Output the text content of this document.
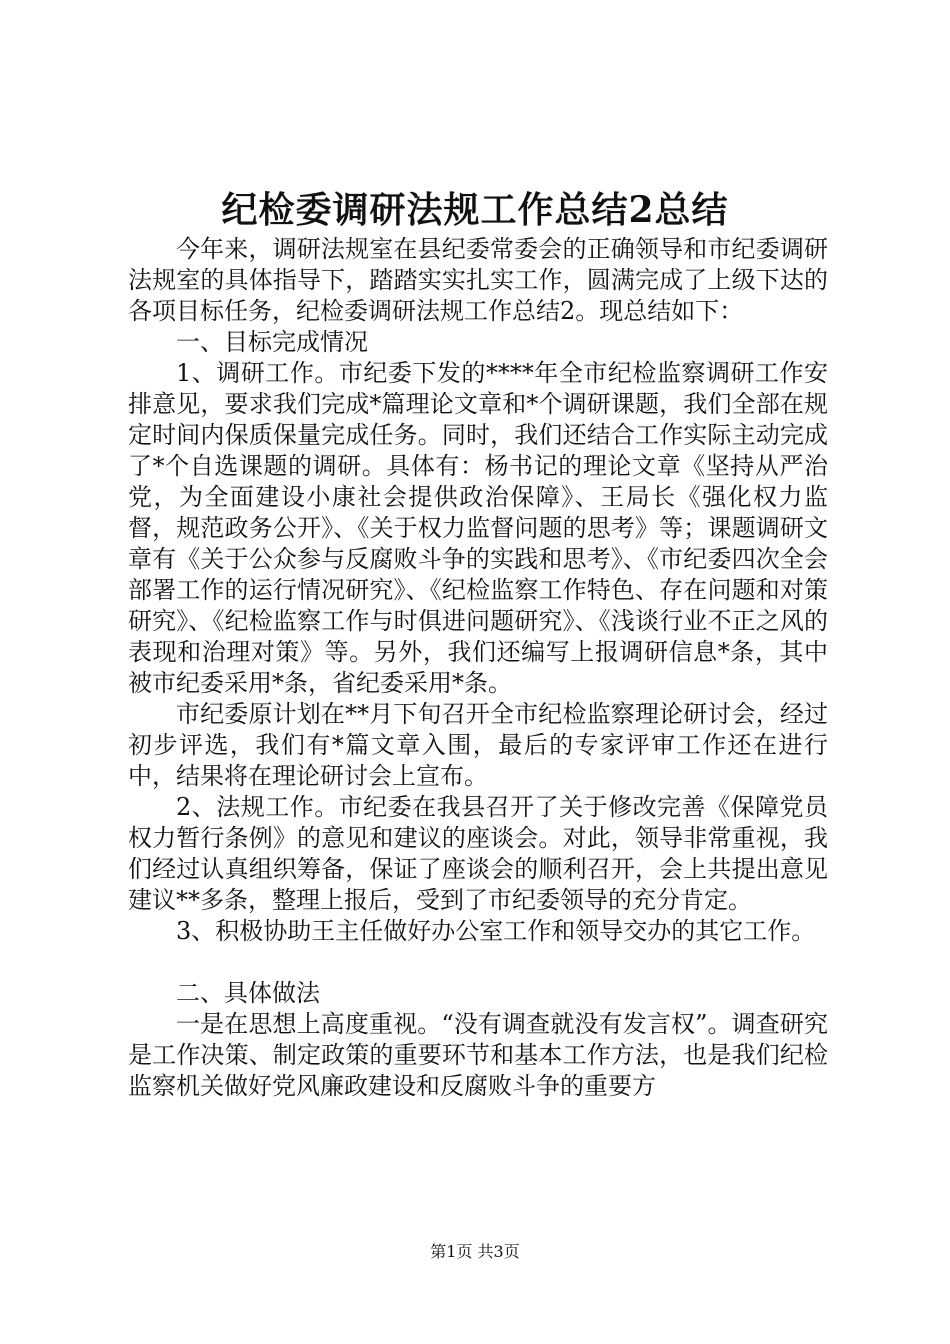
纪检委调研法规工作总结2总结

今年来，调研法规室在县纪委常委会的正确领导和市纪委调研法规室的具体指导下，踏踏实实扎实工作，圆满完成了上级下达的各项目标任务，纪检委调研法规工作总结2。现总结如下：

一、目标完成情况

1、调研工作。市纪委下发的****年全市纪检监察调研工作安排意见，要求我们完成*篇理论文章和*个调研课题，我们全部在规定时间内保质保量完成任务。同时，我们还结合工作实际主动完成了*个自选课题的调研。具体有：杨书记的理论文章《坚持从严治党，为全面建设小康社会提供政治保障》、王局长《强化权力监督，规范政务公开》、《关于权力监督问题的思考》等；课题调研文章有《关于公众参与反腐败斗争的实践和思考》、《市纪委四次全会部署工作的运行情况研究》、《纪检监察工作特色、存在问题和对策研究》、《纪检监察工作与时俱进问题研究》、《浅谈行业不正之风的表现和治理对策》等。另外，我们还编写上报调研信息*条，其中被市纪委采用*条，省纪委采用*条。

市纪委原计划在**月下旬召开全市纪检监察理论研讨会，经过初步评选，我们有*篇文章入围，最后的专家评审工作还在进行中，结果将在理论研讨会上宣布。

2、法规工作。市纪委在我县召开了关于修改完善《保障党员权力暂行条例》的意见和建议的座谈会。对此，领导非常重视，我们经过认真组织筹备，保证了座谈会的顺利召开，会上共提出意见建议**多条，整理上报后，受到了市纪委领导的充分肯定。

3、积极协助王主任做好办公室工作和领导交办的其它工作。

二、具体做法

一是在思想上高度重视。“没有调查就没有发言权”。调查研究是工作决策、制定政策的重要环节和基本工作方法，也是我们纪检监察机关做好党风廉政建设和反腐败斗争的重要方

第1页 共3页
